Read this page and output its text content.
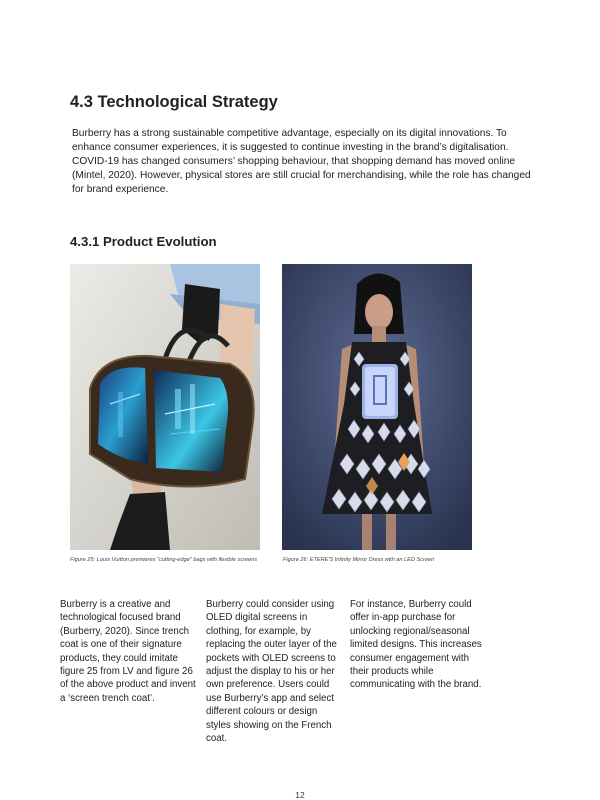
4.3 Technological Strategy

Burberry has a strong sustainable competitive advantage, especially on its digital innovations. To enhance consumer experiences, it is suggested to continue investing in the brand’s digitalisation. COVID-19 has changed consumers’ shopping behaviour, that shopping demand has moved online (Mintel, 2020). However, physical stores are still crucial for merchandising, while the role has changed for brand experience.

4.3.1 Product Evolution

Figure 25: Louis Vuitton premieres "cutting-edge" bags with flexible screens	Figure 26: ETERE'S Infinity Mirror Dress with an LED Screen

Burberry is a creative and technological focused brand (Burberry, 2020). Since trench coat is one of their signature products, they could imitate figure 25 from LV and figure 26 of the above product and invent a ‘screen trench coat’.

Burberry could consider using OLED digital screens in clothing, for example, by replacing the outer layer of the pockets with OLED screens to adjust the display to his or her own preference. Users could use Burberry’s app and select different colours or design styles showing on the French coat.

For instance, Burberry could offer in-app purchase for unlocking regional/seasonal limited designs. This increases consumer engagement with their products while communicating with the brand.

12
